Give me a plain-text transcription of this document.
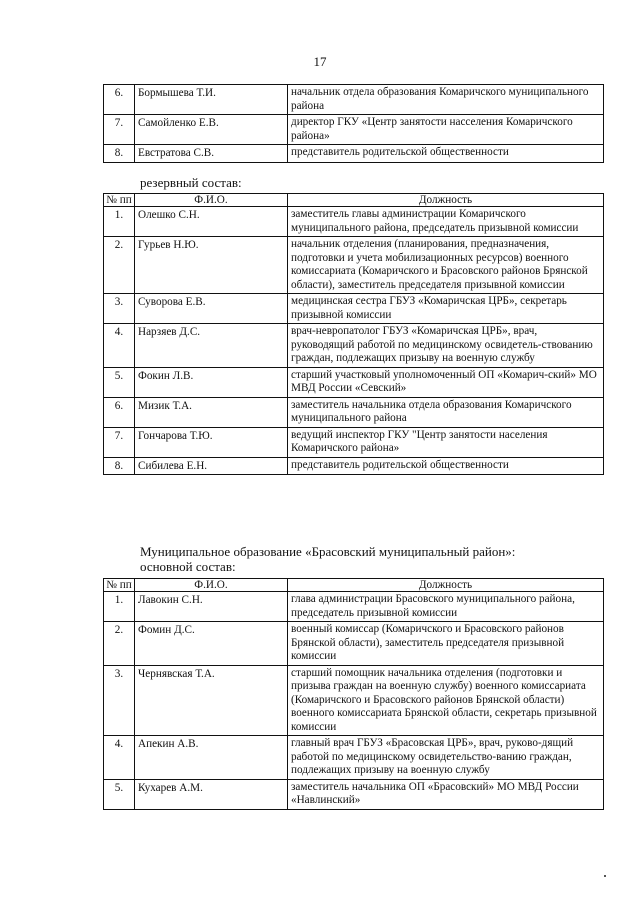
17
6.	Бормышева Т.И.	начальник отдела образования Комаричского муниципального района
7.	Самойленко Е.В.	директор ГКУ «Центр занятости насселения Комаричского района»
8.	Евстратова С.В.	представитель родительской общественности
резервный состав:
№ пп	Ф.И.О.	Должность
1.	Олешко С.Н.	заместитель главы администрации Комаричского муниципального района, председатель призывной комиссии
2.	Гурьев Н.Ю.	начальник отделения (планирования, предназначения, подготовки и учета мобилизационных ресурсов) военного комиссариата (Комаричского и Брасовского районов Брянской области), заместитель председателя призывной комиссии
3.	Суворова Е.В.	медицинская сестра ГБУЗ «Комаричская ЦРБ», секретарь призывной комиссии
4.	Нарзяев Д.С.	врач-невропатолог ГБУЗ «Комаричская ЦРБ», врач, руководящий работой по медицинскому освидетель-ствованию граждан, подлежащих призыву на военную службу
5.	Фокин Л.В.	старший участковый уполномоченный ОП «Комарич-ский» МО МВД России «Севский»
6.	Мизик Т.А.	заместитель начальника отдела образования Комаричского муниципального района
7.	Гончарова Т.Ю.	ведущий инспектор ГКУ "Центр занятости населения Комаричского района»
8.	Сибилева Е.Н.	представитель родительской общественности
Муниципальное образование «Брасовский муниципальный район»:
основной состав:
№ пп	Ф.И.О.	Должность
1.	Лавокин С.Н.	глава администрации Брасовского муниципального района, председатель призывной комиссии
2.	Фомин Д.С.	военный комиссар (Комаричского и Брасовского районов Брянской области), заместитель председателя призывной комиссии
3.	Чернявская Т.А.	старший помощник начальника отделения (подготовки и призыва граждан на военную службу) военного комиссариата (Комаричского и Брасовского районов Брянской области) военного комиссариата Брянской области, секретарь призывной комиссии
4.	Апекин А.В.	главный врач ГБУЗ «Брасовская ЦРБ», врач, руково-дящий работой по медицинскому освидетельство-ванию граждан, подлежащих призыву на военную службу
5.	Кухарев А.М.	заместитель начальника ОП «Брасовский» МО МВД России «Навлинский»
